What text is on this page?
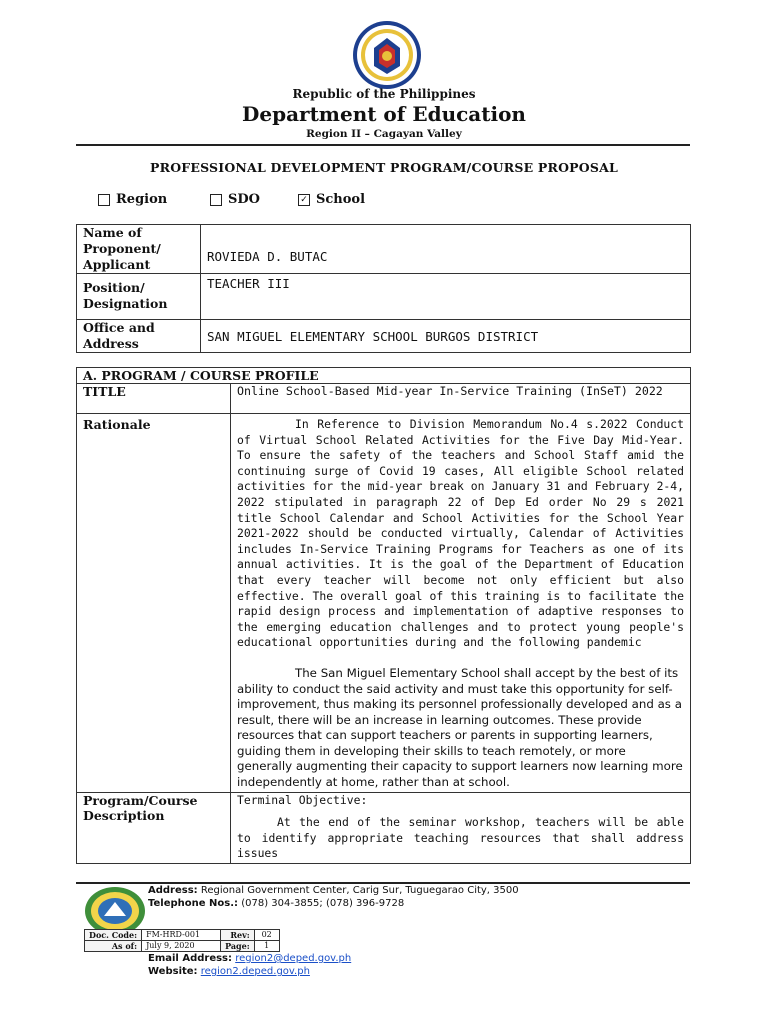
Republic of the Philippines
Department of Education
Region II – Cagayan Valley
PROFESSIONAL DEVELOPMENT PROGRAM/COURSE PROPOSAL
Region	SDO	✓ School
Name of Proponent/ Applicant	ROVIEDA D. BUTAC
Position/ Designation	TEACHER III
Office and Address	SAN MIGUEL ELEMENTARY SCHOOL BURGOS DISTRICT
A. PROGRAM / COURSE PROFILE	
TITLE	Online School-Based Mid-year In-Service Training (InSeT) 2022
Rationale	In Reference to Division Memorandum No.4 s.2022 Conduct of Virtual School Related Activities for the Five Day Mid-Year. To ensure the safety of the teachers and School Staff amid the continuing surge of Covid 19 cases, All eligible School related activities for the mid-year break on January 31 and February 2-4, 2022 stipulated in paragraph 22 of Dep Ed order No 29 s 2021 title School Calendar and School Activities for the School Year 2021-2022 should be conducted virtually, Calendar of Activities includes In-Service Training Programs for Teachers as one of its annual activities. It is the goal of the Department of Education that every teacher will become not only efficient but also effective. The overall goal of this training is to facilitate the rapid design process and implementation of adaptive responses to the emerging education challenges and to protect young people's educational opportunities during and the following pandemic
The San Miguel Elementary School shall accept by the best of its ability to conduct the said activity and must take this opportunity for self-improvement, thus making its personnel professionally developed and as a result, there will be an increase in learning outcomes. These provide resources that can support teachers or parents in supporting learners, guiding them in developing their skills to teach remotely, or more generally augmenting their capacity to support learners now learning more independently at home, rather than at school.

Program/Course Description	Terminal Objective:
At the end of the seminar workshop, teachers will be able to identify appropriate teaching resources that shall address issues
Address: Regional Government Center, Carig Sur, Tuguegarao City, 3500
Telephone Nos.: (078) 304-3855; (078) 396-9728
Doc. Code:	FM-HRD-001	Rev:	02
As of:	July 9, 2020	Page:	1
Email Address: region2@deped.gov.ph
Website: region2.deped.gov.ph
